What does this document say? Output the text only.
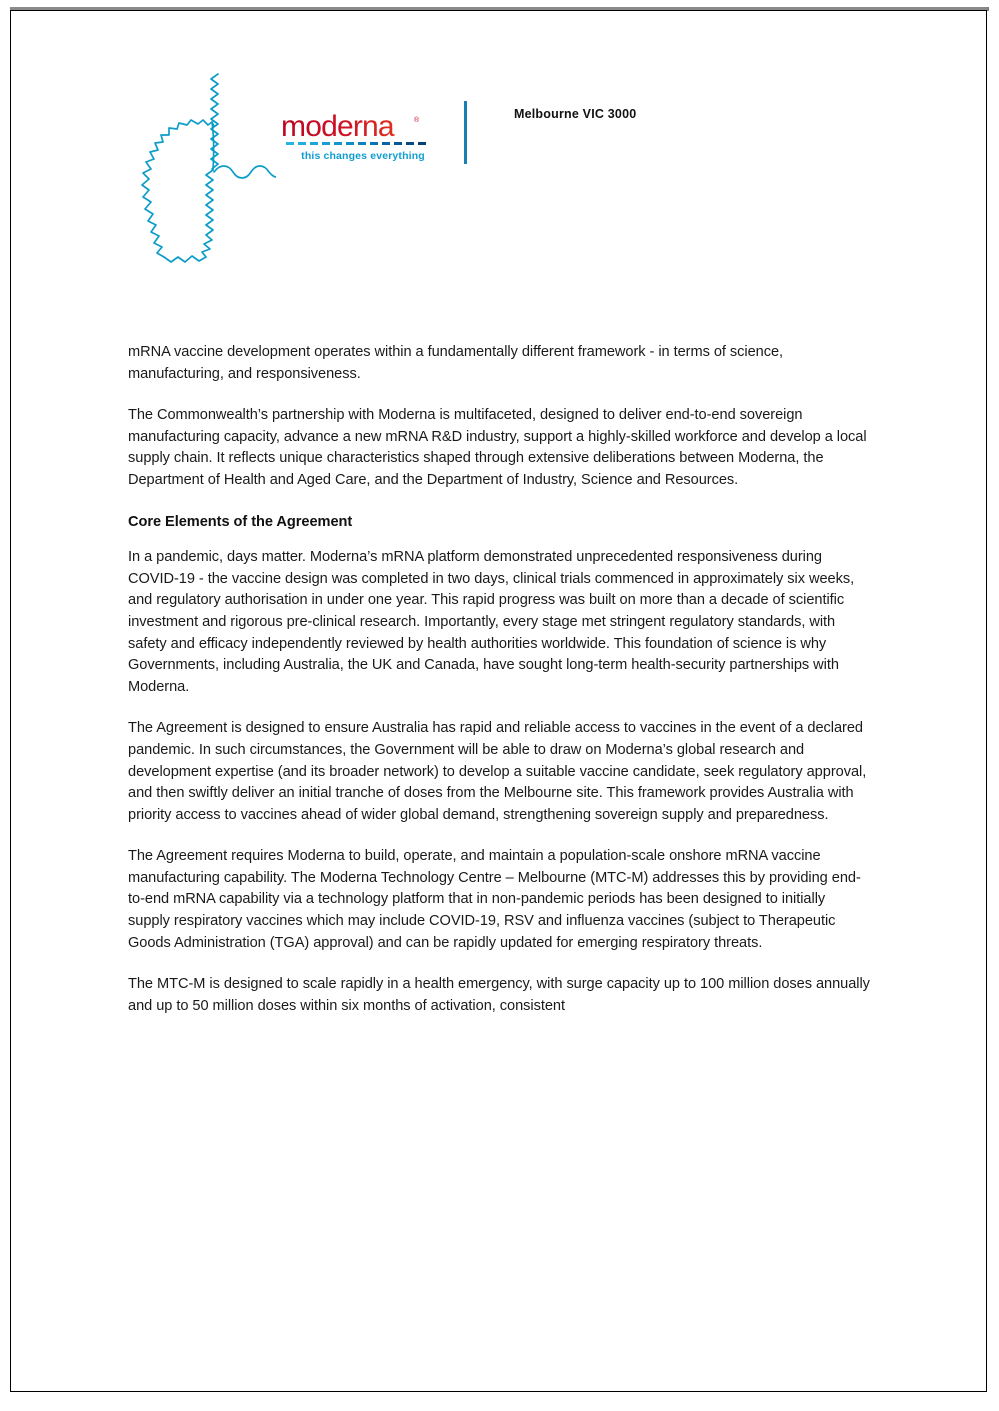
moderna	®
this changes everything
Melbourne VIC 3000

mRNA vaccine development operates within a fundamentally different framework - in terms of science, manufacturing, and responsiveness.

The Commonwealth’s partnership with Moderna is multifaceted, designed to deliver end-to-end sovereign manufacturing capacity, advance a new mRNA R&D industry, support a highly-skilled workforce and develop a local supply chain. It reflects unique characteristics shaped through extensive deliberations between Moderna, the Department of Health and Aged Care, and the Department of Industry, Science and Resources.

Core Elements of the Agreement

In a pandemic, days matter. Moderna’s mRNA platform demonstrated unprecedented responsiveness during COVID-19 - the vaccine design was completed in two days, clinical trials commenced in approximately six weeks, and regulatory authorisation in under one year. This rapid progress was built on more than a decade of scientific investment and rigorous pre-clinical research. Importantly, every stage met stringent regulatory standards, with safety and efficacy independently reviewed by health authorities worldwide. This foundation of science is why Governments, including Australia, the UK and Canada, have sought long-term health-security partnerships with Moderna.

The Agreement is designed to ensure Australia has rapid and reliable access to vaccines in the event of a declared pandemic. In such circumstances, the Government will be able to draw on Moderna’s global research and development expertise (and its broader network) to develop a suitable vaccine candidate, seek regulatory approval, and then swiftly deliver an initial tranche of doses from the Melbourne site. This framework provides Australia with priority access to vaccines ahead of wider global demand, strengthening sovereign supply and preparedness.

The Agreement requires Moderna to build, operate, and maintain a population-scale onshore mRNA vaccine manufacturing capability. The Moderna Technology Centre – Melbourne (MTC-M) addresses this by providing end-to-end mRNA capability via a technology platform that in non-pandemic periods has been designed to initially supply respiratory vaccines which may include COVID-19, RSV and influenza vaccines (subject to Therapeutic Goods Administration (TGA) approval) and can be rapidly updated for emerging respiratory threats.

The MTC-M is designed to scale rapidly in a health emergency, with surge capacity up to 100 million doses annually and up to 50 million doses within six months of activation, consistent
